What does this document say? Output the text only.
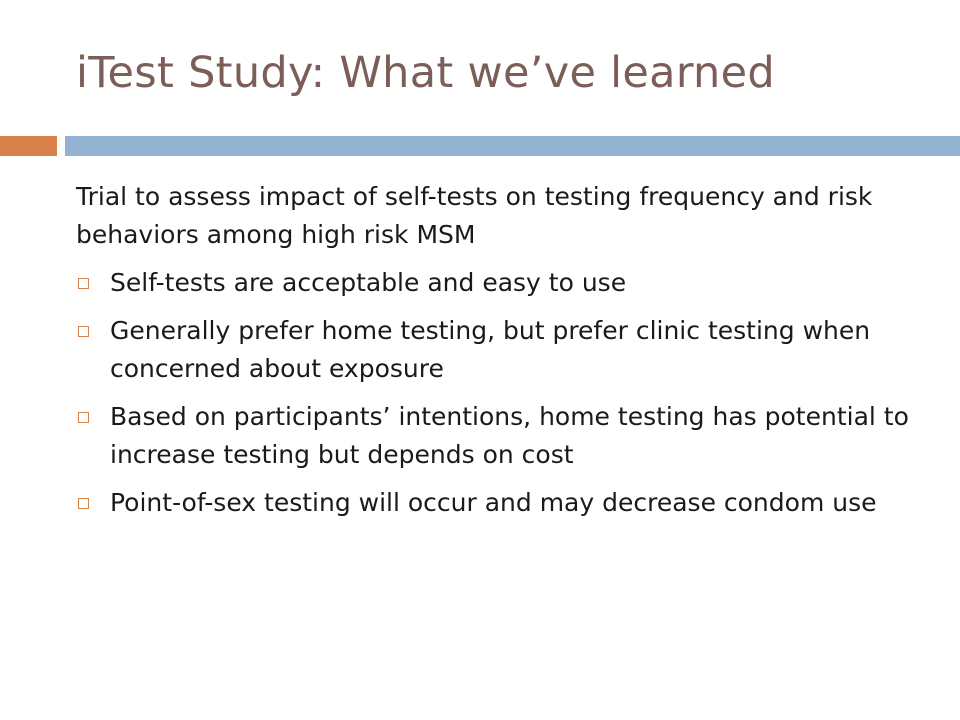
iTest Study: What we’ve learned

Trial to assess impact of self-tests on testing frequency and risk behaviors among high risk MSM

Self-tests are acceptable and easy to use
Generally prefer home testing, but prefer clinic testing when concerned about exposure
Based on participants’ intentions, home testing has potential to increase testing but depends on cost
Point-of-sex testing will occur and may decrease condom use
